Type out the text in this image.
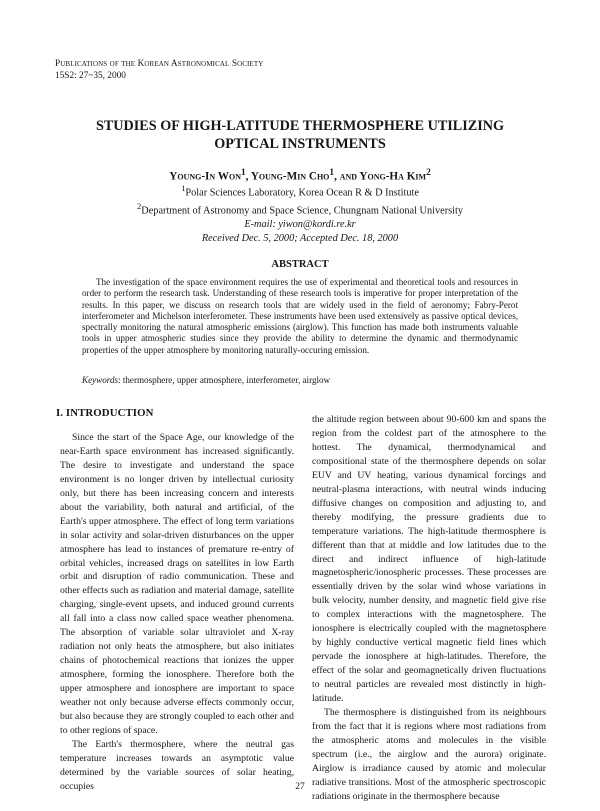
Publications of the Korean Astronomical Society
15S2: 27~35, 2000
STUDIES OF HIGH-LATITUDE THERMOSPHERE UTILIZING
OPTICAL INSTRUMENTS
Young-In Won$^1$, Young-Min Cho$^1$, and Yong-Ha Kim$^2$
$^1$Polar Sciences Laboratory, Korea Ocean R & D Institute
$^2$Department of Astronomy and Space Science, Chungnam National University
E-mail: yiwon@kordi.re.kr
Received Dec. 5, 2000; Accepted Dec. 18, 2000
ABSTRACT
The investigation of the space environment requires the use of experimental and theoretical tools and resources in order to perform the research task. Understanding of these research tools is imperative for proper interpretation of the results. In this paper, we discuss on research tools that are widely used in the field of aeronomy; Fabry-Perot interferometer and Michelson interferometer. These instruments have been used extensively as passive optical devices, spectrally monitoring the natural atmospheric emissions (airglow). This function has made both instruments valuable tools in upper atmospheric studies since they provide the ability to determine the dynamic and thermodynamic properties of the upper atmosphere by monitoring naturally-occuring emission.
Keywords: thermosphere, upper atmosphere, interferometer, airglow
I. INTRODUCTION

Since the start of the Space Age, our knowledge of the near-Earth space environment has increased significantly. The desire to investigate and understand the space environment is no longer driven by intellectual curiosity only, but there has been increasing concern and interests about the variability, both natural and artificial, of the Earth's upper atmosphere. The effect of long term variations in solar activity and solar-driven disturbances on the upper atmosphere has lead to instances of premature re-entry of orbital vehicles, increased drags on satellites in low Earth orbit and disruption of radio communication. These and other effects such as radiation and material damage, satellite charging, single-event upsets, and induced ground currents all fall into a class now called space weather phenomena. The absorption of variable solar ultraviolet and X-ray radiation not only heats the atmosphere, but also initiates chains of photochemical reactions that ionizes the upper atmosphere, forming the ionosphere. Therefore both the upper atmosphere and ionosphere are important to space weather not only because adverse effects commonly occur, but also because they are strongly coupled to each other and to other regions of space.

The Earth's thermosphere, where the neutral gas temperature increases towards an asymptotic value determined by the variable sources of solar heating, occupies

the altitude region between about 90-600 km and spans the region from the coldest part of the atmosphere to the hottest. The dynamical, thermodynamical and compositional state of the thermosphere depends on solar EUV and UV heating, various dynamical forcings and neutral-plasma interactions, with neutral winds inducing diffusive changes on composition and adjusting to, and thereby modifying, the pressure gradients due to temperature variations. The high-latitude thermosphere is different than that at middle and low latitudes due to the direct and indirect influence of high-latitude magnetospheric/ionospheric processes. These processes are essentially driven by the solar wind whose variations in bulk velocity, number density, and magnetic field give rise to complex interactions with the magnetosphere. The ionosphere is electrically coupled with the magnetosphere by highly conductive vertical magnetic field lines which pervade the ionosphere at high-latitudes. Therefore, the effect of the solar and geomagnetically driven fluctuations to neutral particles are revealed most distinctly in high-latitude.

The thermosphere is distinguished from its neighbours from the fact that it is regions where most radiations from the atmospheric atoms and molecules in the visible spectrum (i.e., the airglow and the aurora) originate. Airglow is irradiance caused by atomic and molecular radiative transitions. Most of the atmospheric spectroscopic radiations originate in the thermosphere because

27
